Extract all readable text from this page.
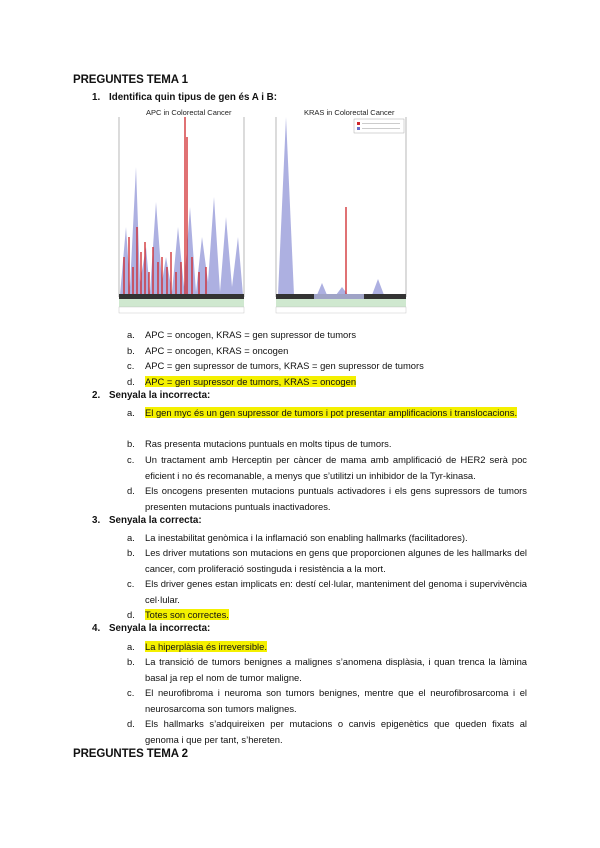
PREGUNTES TEMA 1
1. Identifica quin tipus de gen és A i B:
APC in Colorectal Cancer	KRAS in Colorectal Cancer
a.	APC = oncogen, KRAS = gen supressor de tumors
b.	APC = oncogen, KRAS = oncogen
c.	APC = gen supressor de tumors, KRAS = gen supressor de tumors
d.	APC = gen supressor de tumors, KRAS = oncogen
2. Senyala la incorrecta:
a.	El gen myc és un gen supressor de tumors i pot presentar amplificacions i translocacions.
b.	Ras presenta mutacions puntuals en molts tipus de tumors.
c.	Un tractament amb Herceptin per càncer de mama amb amplificació de HER2 serà poc eficient i no és recomanable, a menys que s’utilitzi un inhibidor de la Tyr-kinasa.
d.	Els oncogens presenten mutacions puntuals activadores i els gens supressors de tumors presenten mutacions puntuals inactivadores.
3. Senyala la correcta:
a.	La inestabilitat genòmica i la inflamació son enabling hallmarks (facilitadores).
b.	Les driver mutations son mutacions en gens que proporcionen algunes de les hallmarks del cancer, com proliferació sostinguda i resistència a la mort.
c.	Els driver genes estan implicats en: destí cel·lular, manteniment del genoma i supervivència cel·lular.
d.	Totes son correctes.
4. Senyala la incorrecta:
a.	La hiperplàsia és irreversible.
b.	La transició de tumors benignes a malignes s’anomena displàsia, i quan trenca la làmina basal ja rep el nom de tumor maligne.
c.	El neurofibroma i neuroma son tumors benignes, mentre que el neurofibrosarcoma i el neurosarcoma son tumors malignes.
d.	Els hallmarks s’adquireixen per mutacions o canvis epigenètics que queden fixats al genoma i que per tant, s’hereten.
PREGUNTES TEMA 2
